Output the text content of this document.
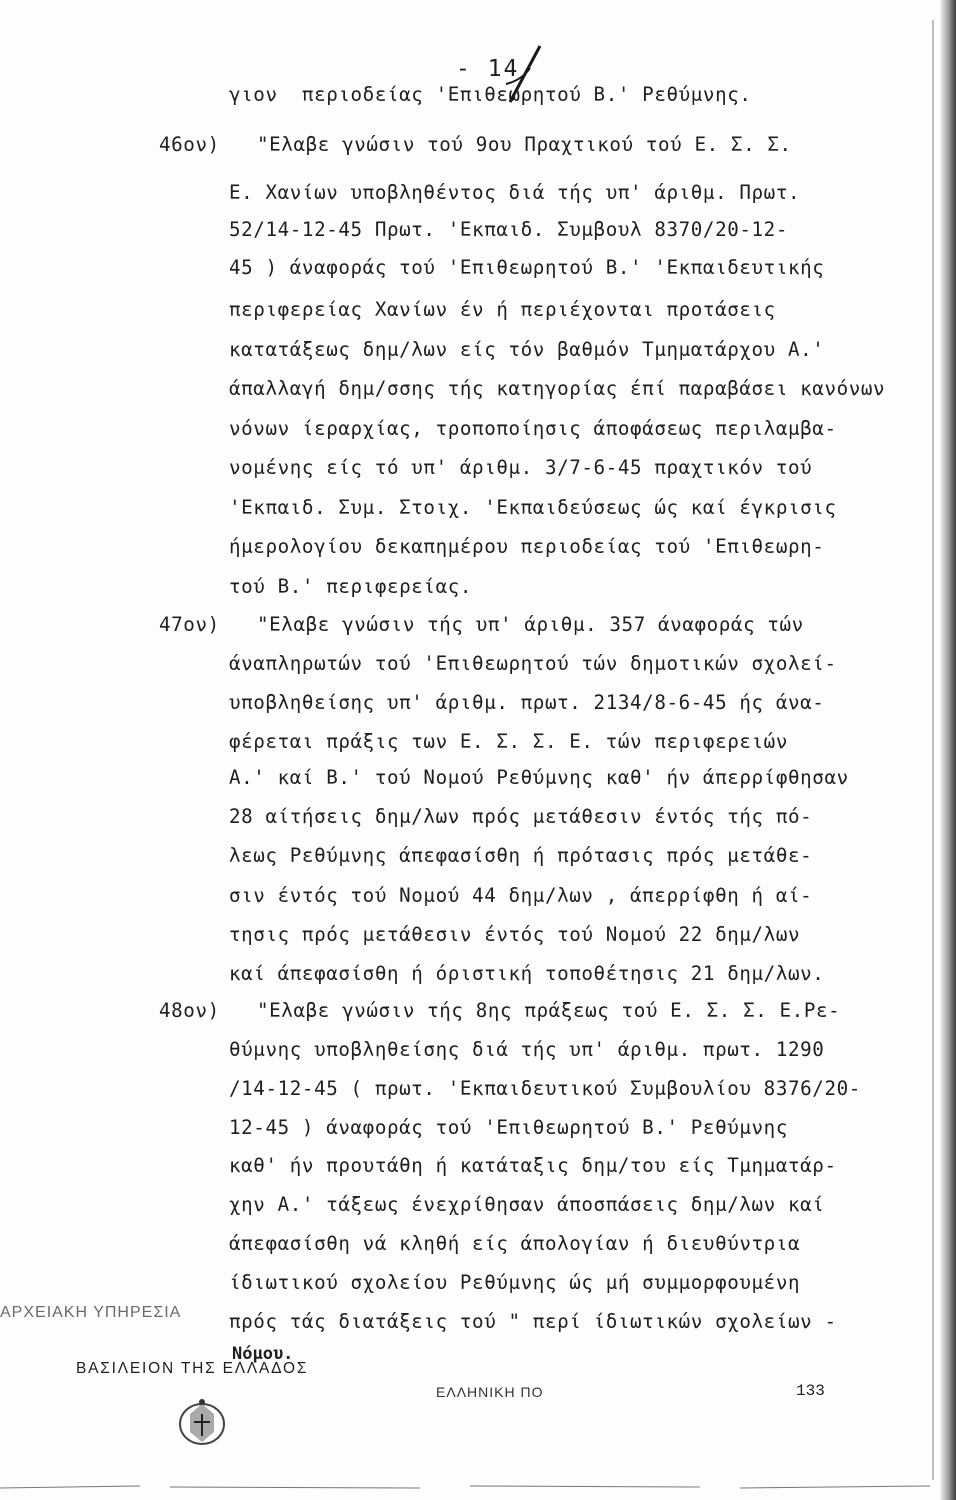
- 14
γιον  περιοδείας 'Επιθεωρητού Β.' Ρεθύμνης.
46ον) "Ελαβε γνώσιν τού 9ου Πραχτικού τού Ε. Σ. Σ.
Ε. Χανίων υποβληθέντος διά τής υπ' άριθμ. Πρωτ.
52/14-12-45 Πρωτ. 'Εκπαιδ. Συμβουλ 8370/20-12-
45 ) άναφοράς τού 'Επιθεωρητού Β.' 'Εκπαιδευτικής
περιφερείας Χανίων έν ή περιέχονται προτάσεις
κατατάξεως δημ/λων είς τόν βαθμόν Τμηματάρχου Α.'
άπαλλαγή δημ/σσης τής κατηγορίας έπί παραβάσει κανόνων
νόνων ίεραρχίας, τροποποίησις άποφάσεως περιλαμβα-
νομένης είς τό υπ' άριθμ. 3/7-6-45 πραχτικόν τού
'Εκπαιδ. Συμ. Στοιχ. 'Εκπαιδεύσεως ώς καί έγκρισις
ήμερολογίου δεκαπημέρου περιοδείας τού 'Επιθεωρη-
τού Β.' περιφερείας.
47ον) "Ελαβε γνώσιν τής υπ' άριθμ. 357 άναφοράς τών
άναπληρωτών τού 'Επιθεωρητού τών δημοτικών σχολεί-
υποβληθείσης υπ' άριθμ. πρωτ. 2134/8-6-45 ής άνα-
φέρεται πράξις των Ε. Σ. Σ. Ε. τών περιφερειών
Α.' καί Β.' τού Νομού Ρεθύμνης καθ' ήν άπερρίφθησαν
28 αίτήσεις δημ/λων πρός μετάθεσιν έντός τής πό-
λεως Ρεθύμνης άπεφασίσθη ή πρότασις πρός μετάθε-
σιν έντός τού Νομού 44 δημ/λων , άπερρίφθη ή αί-
τησις πρός μετάθεσιν έντός τού Νομού 22 δημ/λων
καί άπεφασίσθη ή όριστική τοποθέτησις 21 δημ/λων.
48ον) "Ελαβε γνώσιν τής 8ης πράξεως τού Ε. Σ. Σ. Ε.Ρε-
θύμνης υποβληθείσης διά τής υπ' άριθμ. πρωτ. 1290
/14-12-45 ( πρωτ. 'Εκπαιδευτικού Συμβουλίου 8376/20-
12-45 ) άναφοράς τού 'Επιθεωρητού Β.' Ρεθύμνης
καθ' ήν προυτάθη ή κατάταξις δημ/του είς Τμηματάρ-
χην Α.' τάξεως ένεχρίθησαν άποσπάσεις δημ/λων καί
άπεφασίσθη νά κληθή είς άπολογίαν ή διευθύντρια
ίδιωτικού σχολείου Ρεθύμνης ώς μή συμμορφουμένη
πρός τάς διατάξεις τού " περί ίδιωτικών σχολείων -
ΑΡΧΕΙΑΚΗ ΥΠΗΡΕΣΙΑ
Νόμου.
ΒΑΣΙΛΕΙΟΝ ΤΗΣ ΕΛΛΑΔΟΣ
ΕΛΛΗΝΙΚΗ ΠΟ	133
